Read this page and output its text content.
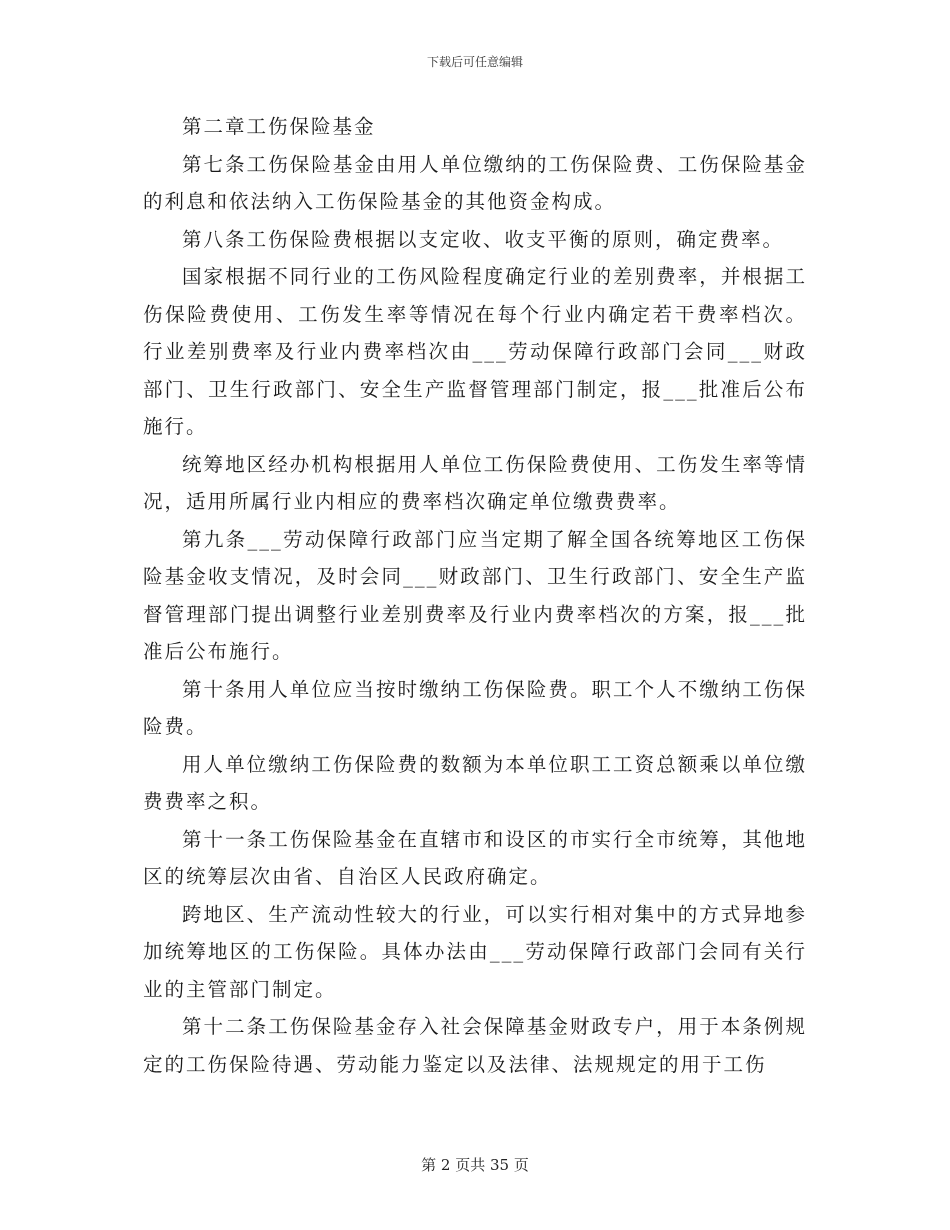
下载后可任意编辑

第二章工伤保险基金

第七条工伤保险基金由用人单位缴纳的工伤保险费、工伤保险基金的利息和依法纳入工伤保险基金的其他资金构成。

第八条工伤保险费根据以支定收、收支平衡的原则，确定费率。

国家根据不同行业的工伤风险程度确定行业的差别费率，并根据工伤保险费使用、工伤发生率等情况在每个行业内确定若干费率档次。行业差别费率及行业内费率档次由___劳动保障行政部门会同___财政部门、卫生行政部门、安全生产监督管理部门制定，报___批准后公布施行。

统筹地区经办机构根据用人单位工伤保险费使用、工伤发生率等情况，适用所属行业内相应的费率档次确定单位缴费费率。

第九条___劳动保障行政部门应当定期了解全国各统筹地区工伤保险基金收支情况，及时会同___财政部门、卫生行政部门、安全生产监督管理部门提出调整行业差别费率及行业内费率档次的方案，报___批准后公布施行。

第十条用人单位应当按时缴纳工伤保险费。职工个人不缴纳工伤保险费。

用人单位缴纳工伤保险费的数额为本单位职工工资总额乘以单位缴费费率之积。

第十一条工伤保险基金在直辖市和设区的市实行全市统筹，其他地区的统筹层次由省、自治区人民政府确定。

跨地区、生产流动性较大的行业，可以实行相对集中的方式异地参加统筹地区的工伤保险。具体办法由___劳动保障行政部门会同有关行业的主管部门制定。

第十二条工伤保险基金存入社会保障基金财政专户，用于本条例规定的工伤保险待遇、劳动能力鉴定以及法律、法规规定的用于工伤

第 2 页共 35 页
